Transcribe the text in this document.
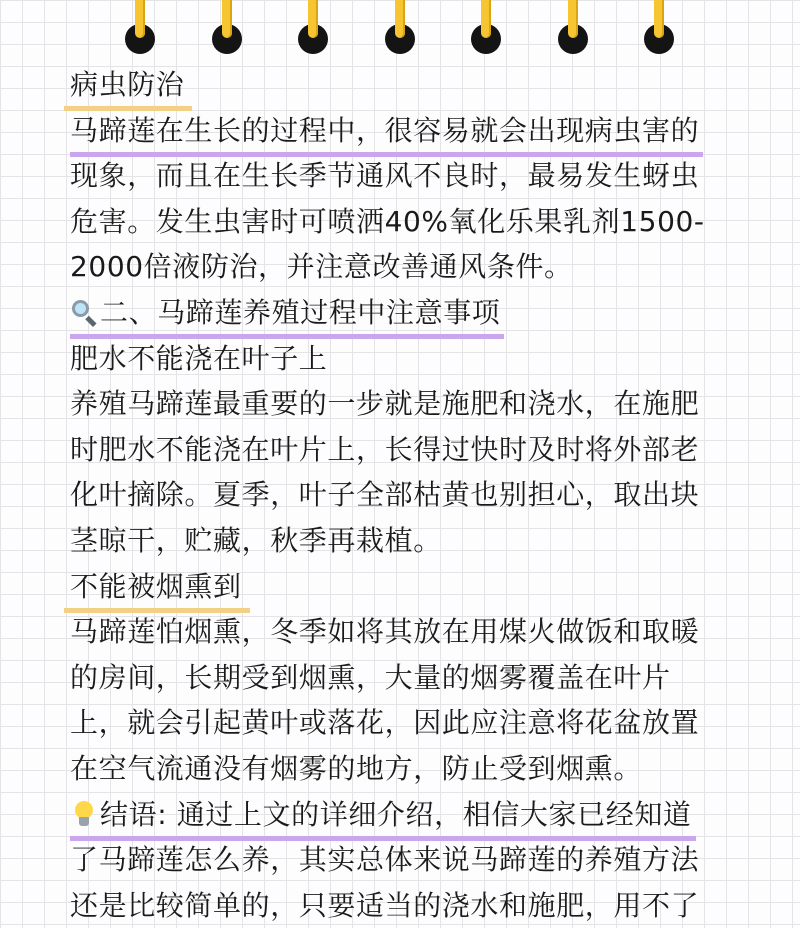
病虫防治
马蹄莲在生长的过程中，很容易就会出现病虫害的
现象，而且在生长季节通风不良时，最易发生蚜虫
危害。发生虫害时可喷洒40%氧化乐果乳剂1500-
2000倍液防治，并注意改善通风条件。
二、马蹄莲养殖过程中注意事项
肥水不能浇在叶子上
养殖马蹄莲最重要的一步就是施肥和浇水，在施肥
时肥水不能浇在叶片上，长得过快时及时将外部老
化叶摘除。夏季，叶子全部枯黄也别担心，取出块
茎晾干，贮藏，秋季再栽植。
不能被烟熏到
马蹄莲怕烟熏，冬季如将其放在用煤火做饭和取暖
的房间，长期受到烟熏，大量的烟雾覆盖在叶片
上，就会引起黄叶或落花，因此应注意将花盆放置
在空气流通没有烟雾的地方，防止受到烟熏。
结语: 通过上文的详细介绍，相信大家已经知道
了马蹄莲怎么养，其实总体来说马蹄莲的养殖方法
还是比较简单的，只要适当的浇水和施肥，用不了
